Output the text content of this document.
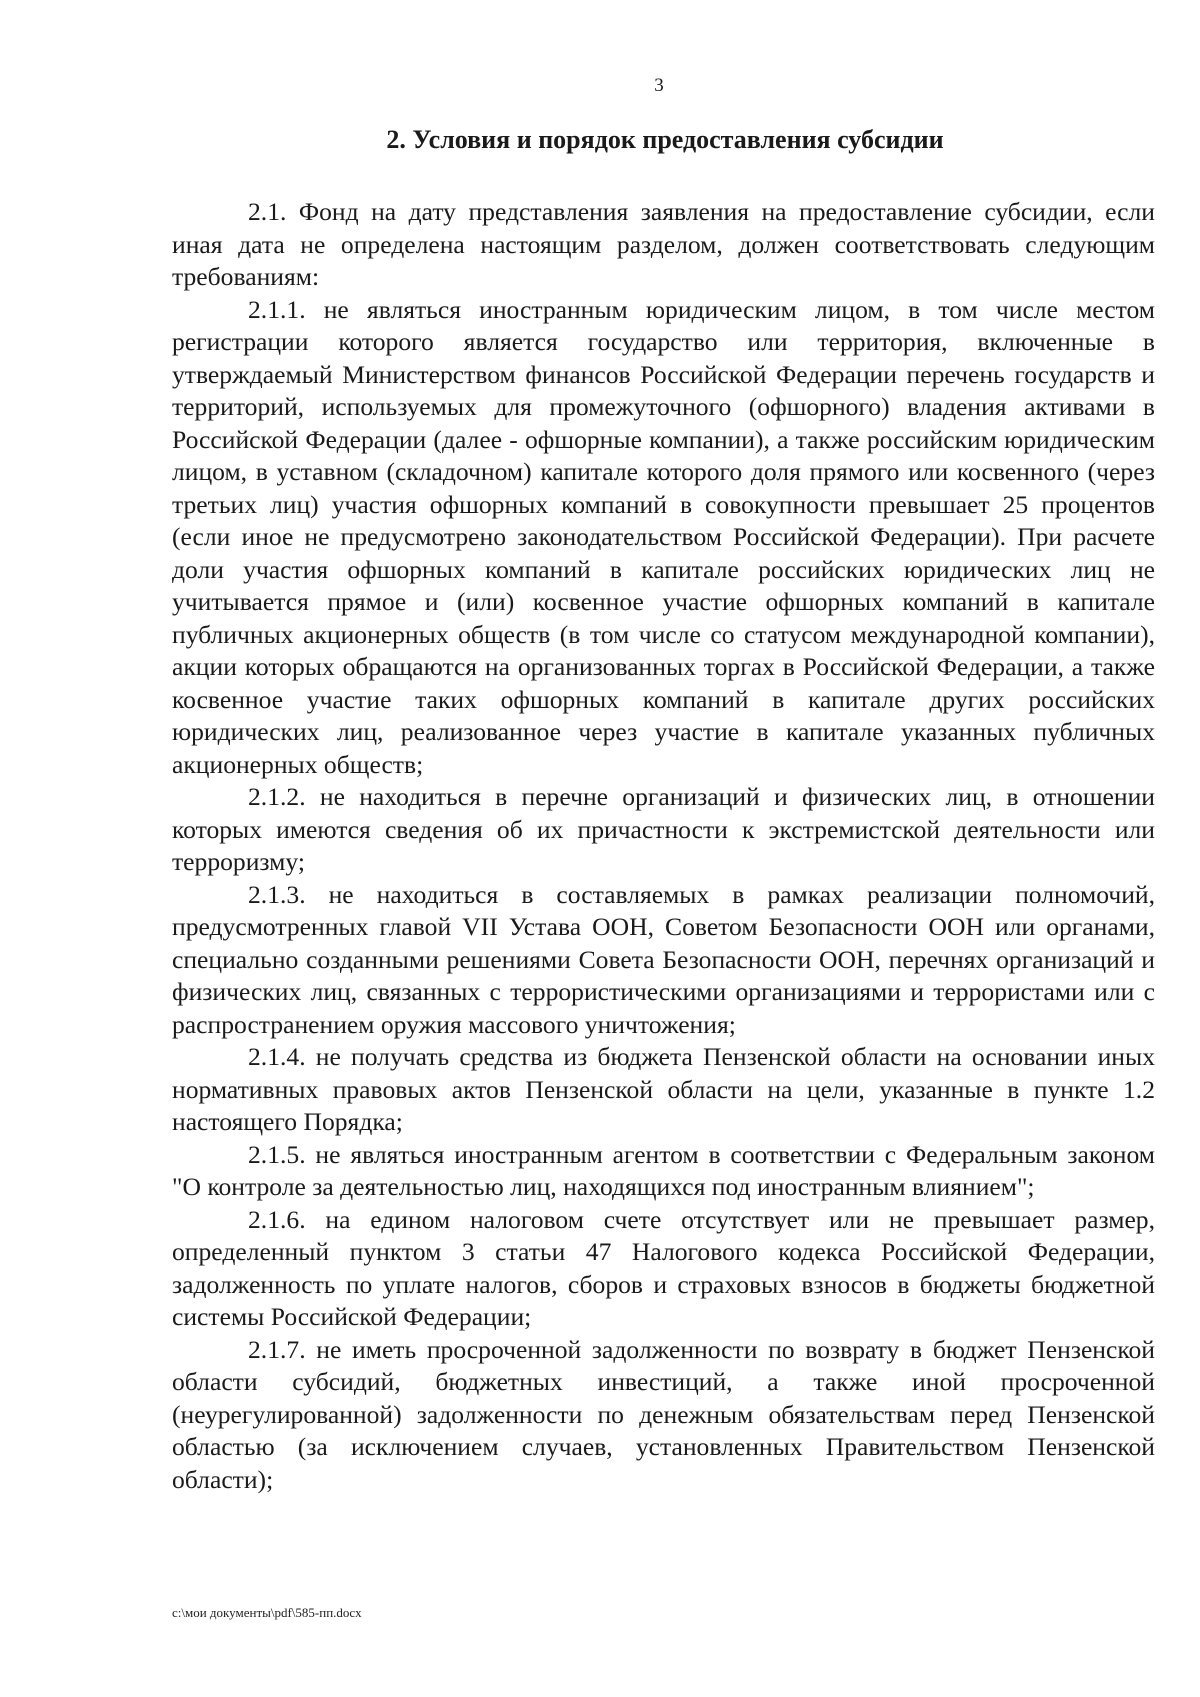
3
2. Условия и порядок предоставления субсидии

2.1. Фонд на дату представления заявления на предоставление субсидии, если иная дата не определена настоящим разделом, должен соответствовать следующим требованиям:

2.1.1. не являться иностранным юридическим лицом, в том числе местом регистрации которого является государство или территория, включенные в утверждаемый Министерством финансов Российской Федерации перечень государств и территорий, используемых для промежуточного (офшорного) владения активами в Российской Федерации (далее - офшорные компании), а также российским юридическим лицом, в уставном (складочном) капитале которого доля прямого или косвенного (через третьих лиц) участия офшорных компаний в совокупности превышает 25 процентов (если иное не предусмотрено законодательством Российской Федерации). При расчете доли участия офшорных компаний в капитале российских юридических лиц не учитывается прямое и (или) косвенное участие офшорных компаний в капитале публичных акционерных обществ (в том числе со статусом международной компании), акции которых обращаются на организованных торгах в Российской Федерации, а также косвенное участие таких офшорных компаний в капитале других российских юридических лиц, реализованное через участие в капитале указанных публичных акционерных обществ;

2.1.2. не находиться в перечне организаций и физических лиц, в отношении которых имеются сведения об их причастности к экстремистской деятельности или терроризму;

2.1.3. не находиться в составляемых в рамках реализации полномочий, предусмотренных главой VII Устава ООН, Советом Безопасности ООН или органами, специально созданными решениями Совета Безопасности ООН, перечнях организаций и физических лиц, связанных с террористическими организациями и террористами или с распространением оружия массового уничтожения;

2.1.4. не получать средства из бюджета Пензенской области на основании иных нормативных правовых актов Пензенской области на цели, указанные в пункте 1.2 настоящего Порядка;

2.1.5. не являться иностранным агентом в соответствии с Федеральным законом "О контроле за деятельностью лиц, находящихся под иностранным влиянием";

2.1.6. на едином налоговом счете отсутствует или не превышает размер, определенный пунктом 3 статьи 47 Налогового кодекса Российской Федерации, задолженность по уплате налогов, сборов и страховых взносов в бюджеты бюджетной системы Российской Федерации;

2.1.7. не иметь просроченной задолженности по возврату в бюджет Пензенской области субсидий, бюджетных инвестиций, а также иной просроченной (неурегулированной) задолженности по денежным обязательствам перед Пензенской областью (за исключением случаев, установленных Правительством Пензенской области);

c:\мои документы\pdf\585-пп.docx
